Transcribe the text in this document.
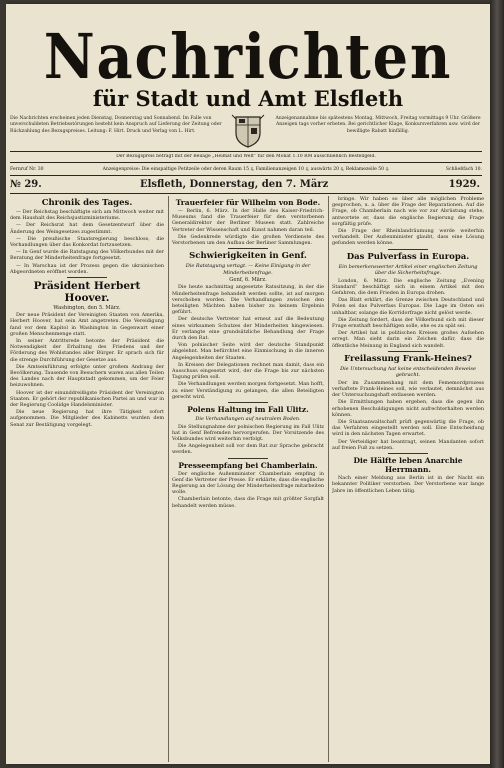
Nachrichten
für Stadt und Amt Elsfleth
Die Nachrichten erscheinen jeden Dienstag, Donnerstag und Sonnabend. Im Falle von unverschuldeten Betriebsstörungen besteht kein Anspruch auf Lieferung der Zeitung oder Rückzahlung des Bezugspreises. Leitung: F. Hirt. Druck und Verlag von L. Hirt.
Anzeigenannahme bis spätestens Montag, Mittwoch, Freitag vormittags 9 Uhr. Größere Anzeigen tags vorher erbeten. Bei gerichtlicher Klage, Konkursverfahren usw. wird der bewilligte Rabatt hinfällig.
Der Bezugspreis beträgt mit der Beilage „Heimat und Welt“ für den Monat 1.10 RM ausschließlich Bestellgeld.
Fernruf Nr. 30	Anzeigenpreise: Die einspaltige Petitzeile oder deren Raum 15 ₰, Familienanzeigen 10 ₰, auswärts 20 ₰, Reklamezeile 50 ₰.	Schließfach 10.
№ 29.	Elsfleth, Donnerstag, den 7. März	1929.
Chronik des Tages.

— Der Reichstag beschäftigte sich am Mittwoch weiter mit dem Haushalt des Reichsjustizministeriums.

— Der Reichsrat hat dem Gesetzentwurf über die Änderung des Weingesetzes zugestimmt.

— Die preußische Staatsregierung beschloss, die Verhandlungen über das Konkordat fortzusetzen.

— In Genf wurde die Ratstagung des Völkerbundes mit der Beratung der Minderheitenfrage fortgesetzt.

— In Warschau ist der Prozess gegen die ukrainischen Abgeordneten eröffnet worden.

Präsident Herbert Hoover.
Washington, den 5. März.

Der neue Präsident der Vereinigten Staaten von Amerika, Herbert Hoover, hat sein Amt angetreten. Die Vereidigung fand vor dem Kapitol in Washington in Gegenwart einer großen Menschenmenge statt.

In seiner Antrittsrede betonte der Präsident die Notwendigkeit der Erhaltung des Friedens und der Förderung des Wohlstandes aller Bürger. Er sprach sich für die strenge Durchführung der Gesetze aus.

Die Amtseinführung erfolgte unter großem Andrang der Bevölkerung. Tausende von Besuchern waren aus allen Teilen des Landes nach der Hauptstadt gekommen, um der Feier beizuwohnen.

Hoover ist der einunddreißigste Präsident der Vereinigten Staaten. Er gehört der republikanischen Partei an und war in der Regierung Coolidge Handelsminister.

Die neue Regierung hat ihre Tätigkeit sofort aufgenommen. Die Mitglieder des Kabinetts wurden dem Senat zur Bestätigung vorgelegt.

Trauerfeier für Wilhelm von Bode.

— Berlin, 6. März. In der Halle des Kaiser-Friedrich-Museums fand die Trauerfeier für den verstorbenen Generaldirektor der Berliner Museen statt. Zahlreiche Vertreter der Wissenschaft und Kunst nahmen daran teil.

Die Gedenkrede würdigte die großen Verdienste des Verstorbenen um den Aufbau der Berliner Sammlungen.

Schwierigkeiten in Genf.
Die Ratstagung vertagt. — Keine Einigung in der Minderheitenfrage.
Genf, 6. März.

Die heute nachmittag angesetzte Ratssitzung, in der die Minderheitenfrage behandelt werden sollte, ist auf morgen verschoben worden. Die Verhandlungen zwischen den beteiligten Mächten haben bisher zu keinem Ergebnis geführt.

Der deutsche Vertreter hat erneut auf die Bedeutung eines wirksamen Schutzes der Minderheiten hingewiesen. Er verlangte eine grundsätzliche Behandlung der Frage durch den Rat.

Von polnischer Seite wird der deutsche Standpunkt abgelehnt. Man befürchtet eine Einmischung in die inneren Angelegenheiten der Staaten.

In Kreisen der Delegationen rechnet man damit, dass ein Ausschuss eingesetzt wird, der die Frage bis zur nächsten Tagung prüfen soll.

Die Verhandlungen werden morgen fortgesetzt. Man hofft, zu einer Verständigung zu gelangen, die allen Beteiligten gerecht wird.

Polens Haltung im Fall Ulitz.
Die Verhandlungen auf neutralem Boden.

Die Stellungnahme der polnischen Regierung im Fall Ulitz hat in Genf Befremden hervorgerufen. Der Vorsitzende des Volksbundes wird weiterhin verfolgt.

Die Angelegenheit soll vor dem Rat zur Sprache gebracht werden.

Presseempfang bei Chamberlain.

Der englische Außenminister Chamberlain empfing in Genf die Vertreter der Presse. Er erklärte, dass die englische Regierung an der Lösung der Minderheitenfrage mitarbeiten wolle.

Chamberlain betonte, dass die Frage mit größter Sorgfalt behandelt werden müsse.

bringe. Wir haben so über alle möglichen Probleme gesprochen, u. a. über die Frage der Reparationen. Auf die Frage, ob Chamberlain nach wie vor zur Abrüstung stehe, antwortete er, dass die englische Regierung die Frage sorgfältig prüfe.

Die Frage der Rheinlandräumung werde weiterhin verhandelt. Der Außenminister glaubt, dass eine Lösung gefunden werden könne.

Das Pulverfass in Europa.
Ein bemerkenswerter Artikel einer englischen Zeitung über die Sicherheitsfrage.

London, 6. März. Die englische Zeitung „Evening Standard“ beschäftigt sich in einem Artikel mit den Gefahren, die dem Frieden in Europa drohen.

Das Blatt erklärt, die Grenze zwischen Deutschland und Polen sei das Pulverfass Europas. Die Lage im Osten sei unhaltbar, solange die Korridorfrage nicht gelöst werde.

Die Zeitung fordert, dass der Völkerbund sich mit dieser Frage ernsthaft beschäftigen solle, ehe es zu spät sei.

Der Artikel hat in politischen Kreisen großes Aufsehen erregt. Man sieht darin ein Zeichen dafür, dass die öffentliche Meinung in England sich wandelt.

Freilassung Frank-Heines?
Die Untersuchung hat keine entscheidenden Beweise gebracht.

Der im Zusammenhang mit dem Fememordprozess verhaftete Frank-Heines soll, wie verlautet, demnächst aus der Untersuchungshaft entlassen werden.

Die Ermittlungen haben ergeben, dass die gegen ihn erhobenen Beschuldigungen nicht aufrechterhalten werden können.

Die Staatsanwaltschaft prüft gegenwärtig die Frage, ob das Verfahren eingestellt werden soll. Eine Entscheidung wird in den nächsten Tagen erwartet.

Der Verteidiger hat beantragt, seinen Mandanten sofort auf freien Fuß zu setzen.

Die Hälfte leben Anarchie Herrmann.

Nach einer Meldung aus Berlin ist in der Nacht ein bekannter Politiker verstorben. Der Verstorbene war lange Jahre im öffentlichen Leben tätig.
